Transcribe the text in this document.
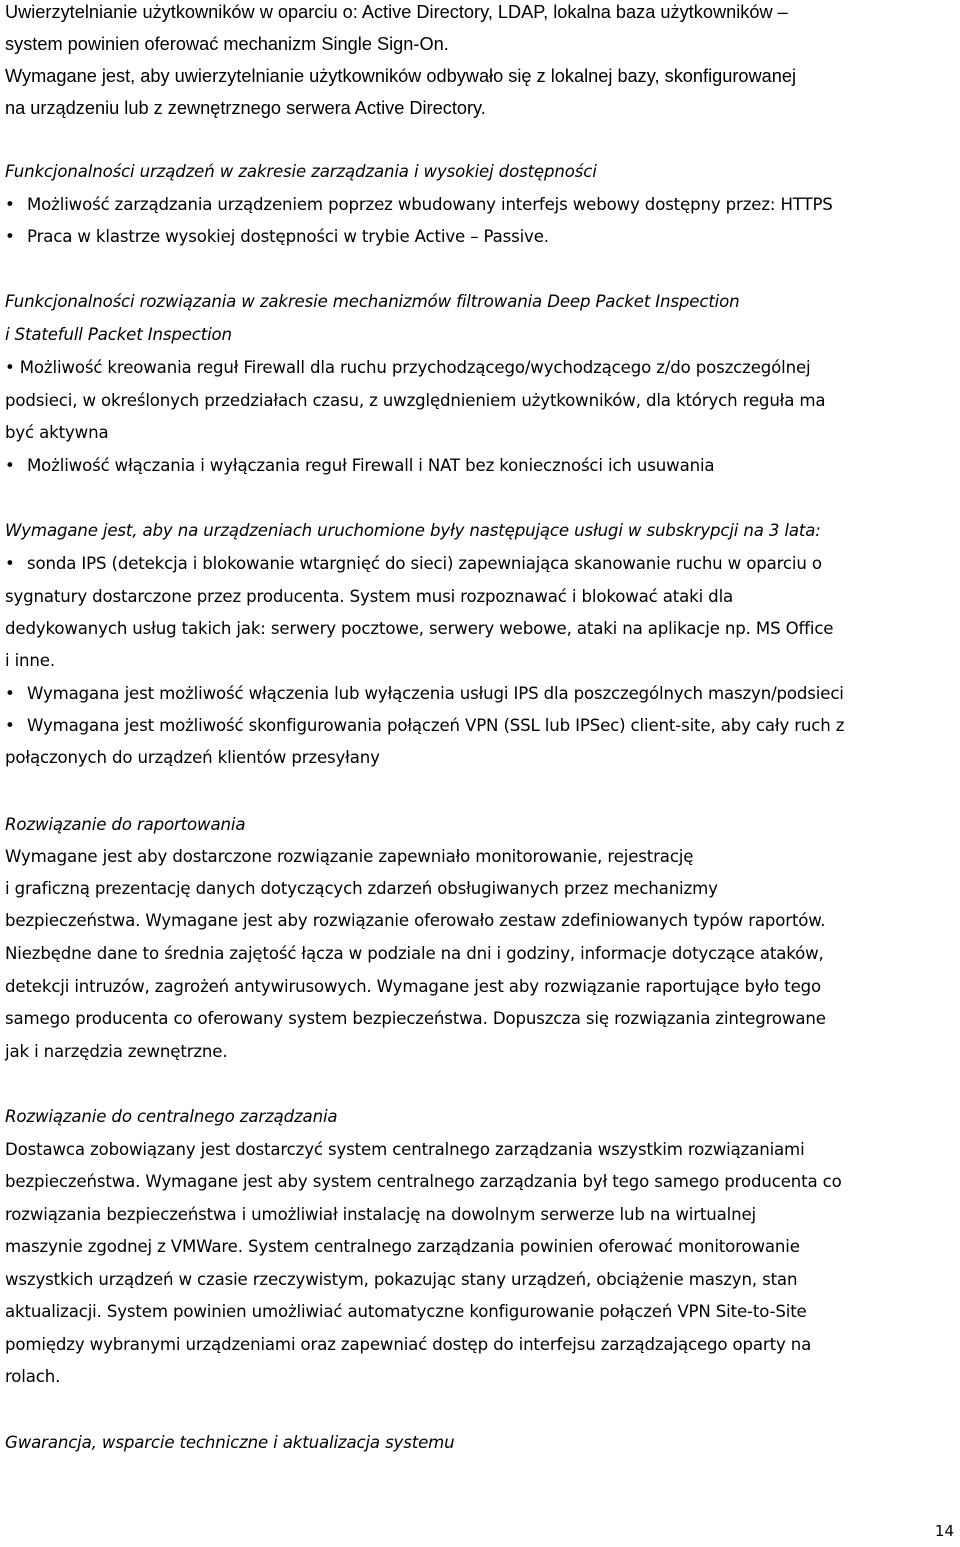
Uwierzytelnianie użytkowników w oparciu o: Active Directory, LDAP, lokalna baza użytkowników –
system powinien oferować mechanizm Single Sign-On.
Wymagane jest, aby uwierzytelnianie użytkowników odbywało się z lokalnej bazy, skonfigurowanej
na urządzeniu lub z zewnętrznego serwera Active Directory.
Funkcjonalności urządzeń w zakresie zarządzania i wysokiej dostępności
• Możliwość zarządzania urządzeniem poprzez wbudowany interfejs webowy dostępny przez: HTTPS
• Praca w klastrze wysokiej dostępności w trybie Active – Passive.
Funkcjonalności rozwiązania w zakresie mechanizmów filtrowania Deep Packet Inspection
i Statefull Packet Inspection
• Możliwość kreowania reguł Firewall dla ruchu przychodzącego/wychodzącego z/do poszczególnej
podsieci, w określonych przedziałach czasu, z uwzględnieniem użytkowników, dla których reguła ma
być aktywna
• Możliwość włączania i wyłączania reguł Firewall i NAT bez konieczności ich usuwania
Wymagane jest, aby na urządzeniach uruchomione były następujące usługi w subskrypcji na 3 lata:
• sonda IPS (detekcja i blokowanie wtargnięć do sieci) zapewniająca skanowanie ruchu w oparciu o
sygnatury dostarczone przez producenta. System musi rozpoznawać i blokować ataki dla
dedykowanych usług takich jak: serwery pocztowe, serwery webowe, ataki na aplikacje np. MS Office
i inne.
• Wymagana jest możliwość włączenia lub wyłączenia usługi IPS dla poszczególnych maszyn/podsieci
• Wymagana jest możliwość skonfigurowania połączeń VPN (SSL lub IPSec) client-site, aby cały ruch z
połączonych do urządzeń klientów przesyłany
Rozwiązanie do raportowania
Wymagane jest aby dostarczone rozwiązanie zapewniało monitorowanie, rejestrację
i graficzną prezentację danych dotyczących zdarzeń obsługiwanych przez mechanizmy
bezpieczeństwa. Wymagane jest aby rozwiązanie oferowało zestaw zdefiniowanych typów raportów.
Niezbędne dane to średnia zajętość łącza w podziale na dni i godziny, informacje dotyczące ataków,
detekcji intruzów, zagrożeń antywirusowych. Wymagane jest aby rozwiązanie raportujące było tego
samego producenta co oferowany system bezpieczeństwa. Dopuszcza się rozwiązania zintegrowane
jak i narzędzia zewnętrzne.
Rozwiązanie do centralnego zarządzania
Dostawca zobowiązany jest dostarczyć system centralnego zarządzania wszystkim rozwiązaniami
bezpieczeństwa. Wymagane jest aby system centralnego zarządzania był tego samego producenta co
rozwiązania bezpieczeństwa i umożliwiał instalację na dowolnym serwerze lub na wirtualnej
maszynie zgodnej z VMWare. System centralnego zarządzania powinien oferować monitorowanie
wszystkich urządzeń w czasie rzeczywistym, pokazując stany urządzeń, obciążenie maszyn, stan
aktualizacji. System powinien umożliwiać automatyczne konfigurowanie połączeń VPN Site-to-Site
pomiędzy wybranymi urządzeniami oraz zapewniać dostęp do interfejsu zarządzającego oparty na
rolach.
Gwarancja, wsparcie techniczne i aktualizacja systemu
14
